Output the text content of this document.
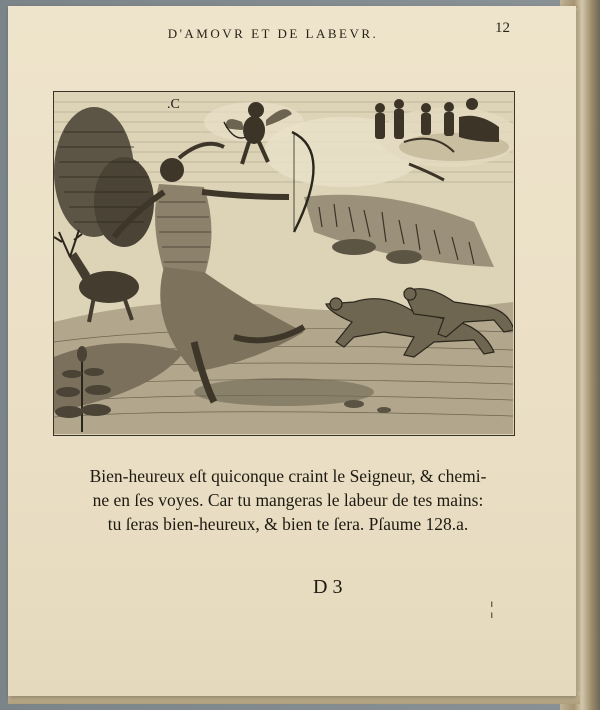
D'AMOVR ET DE LABEVR.	12
.C
Bien-heureux eſt quiconque craint le Seigneur, & chemi-
ne en ſes voyes. Car tu mangeras le labeur de tes mains:
tu ſeras bien-heureux, & bien te ſera. Pſaume 128.a.
D 3
¦
